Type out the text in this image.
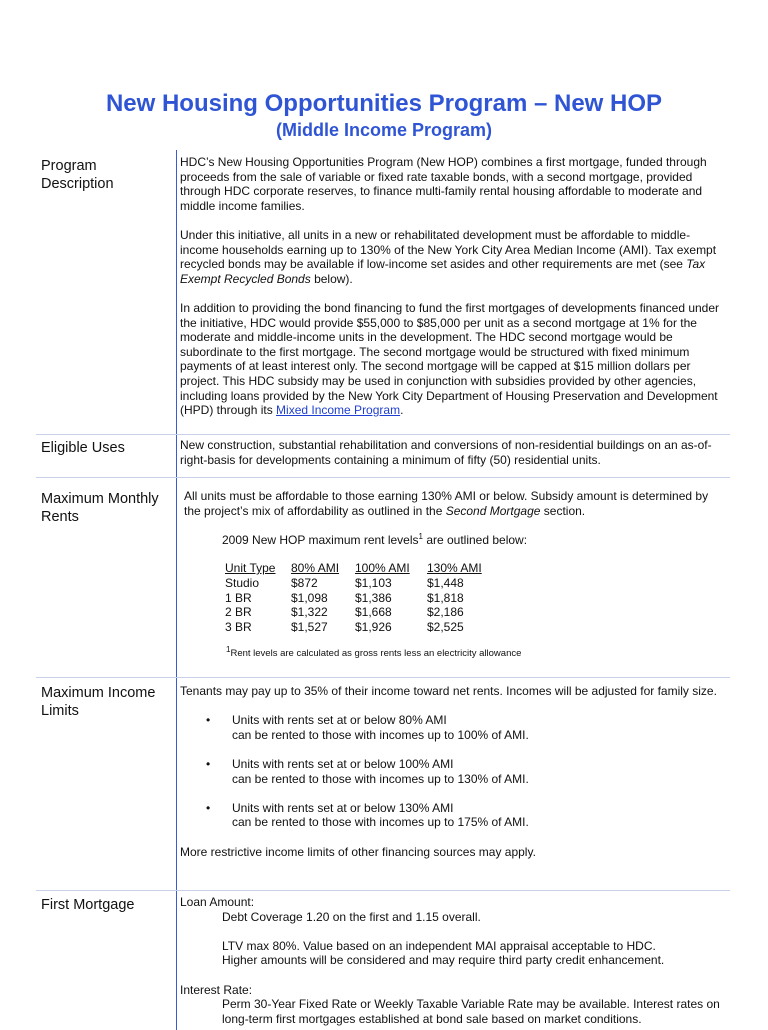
New Housing Opportunities Program – New HOP
(Middle Income Program)
Program Description

HDC’s New Housing Opportunities Program (New HOP) combines a first mortgage, funded through proceeds from the sale of variable or fixed rate taxable bonds, with a second mortgage, provided through HDC corporate reserves, to finance multi-family rental housing affordable to moderate and middle income families.

Under this initiative, all units in a new or rehabilitated development must be affordable to middle-income households earning up to 130% of the New York City Area Median Income (AMI). Tax exempt recycled bonds may be available if low-income set asides and other requirements are met (see Tax Exempt Recycled Bonds below).

In addition to providing the bond financing to fund the first mortgages of developments financed under the initiative, HDC would provide $55,000 to $85,000 per unit as a second mortgage at 1% for the moderate and middle-income units in the development. The HDC second mortgage would be subordinate to the first mortgage. The second mortgage would be structured with fixed minimum payments of at least interest only. The second mortgage will be capped at $15 million dollars per project. This HDC subsidy may be used in conjunction with subsidies provided by other agencies, including loans provided by the New York City Department of Housing Preservation and Development (HPD) through its Mixed Income Program.

Eligible Uses	New construction, substantial rehabilitation and conversions of non-residential buildings on an as-of-right-basis for developments containing a minimum of fifty (50) residential units.
Maximum Monthly Rents

All units must be affordable to those earning 130% AMI or below. Subsidy amount is determined by the project’s mix of affordability as outlined in the Second Mortgage section.

2009 New HOP maximum rent levels$^1$ are outlined below:

Unit Type	80% AMI	100% AMI	130% AMI
Studio	$872	$1,103	$1,448
1 BR	$1,098	$1,386	$1,818
2 BR	$1,322	$1,668	$2,186
3 BR	$1,527	$1,926	$2,525

$^1$Rent levels are calculated as gross rents less an electricity allowance

Maximum Income Limits

Tenants may pay up to 35% of their income toward net rents. Incomes will be adjusted for family size.

• Units with rents set at or below 80% AMI
can be rented to those with incomes up to 100% of AMI.
• Units with rents set at or below 100% AMI
can be rented to those with incomes up to 130% of AMI.
• Units with rents set at or below 130% AMI
can be rented to those with incomes up to 175% of AMI.

More restrictive income limits of other financing sources may apply.

First Mortgage	Loan Amount:

Debt Coverage 1.20 on the first and 1.15 overall.

LTV max 80%. Value based on an independent MAI appraisal acceptable to HDC.

Higher amounts will be considered and may require third party credit enhancement.

Interest Rate:

Perm 30-Year Fixed Rate or Weekly Taxable Variable Rate may be available. Interest rates on long-term first mortgages established at bond sale based on market conditions.
